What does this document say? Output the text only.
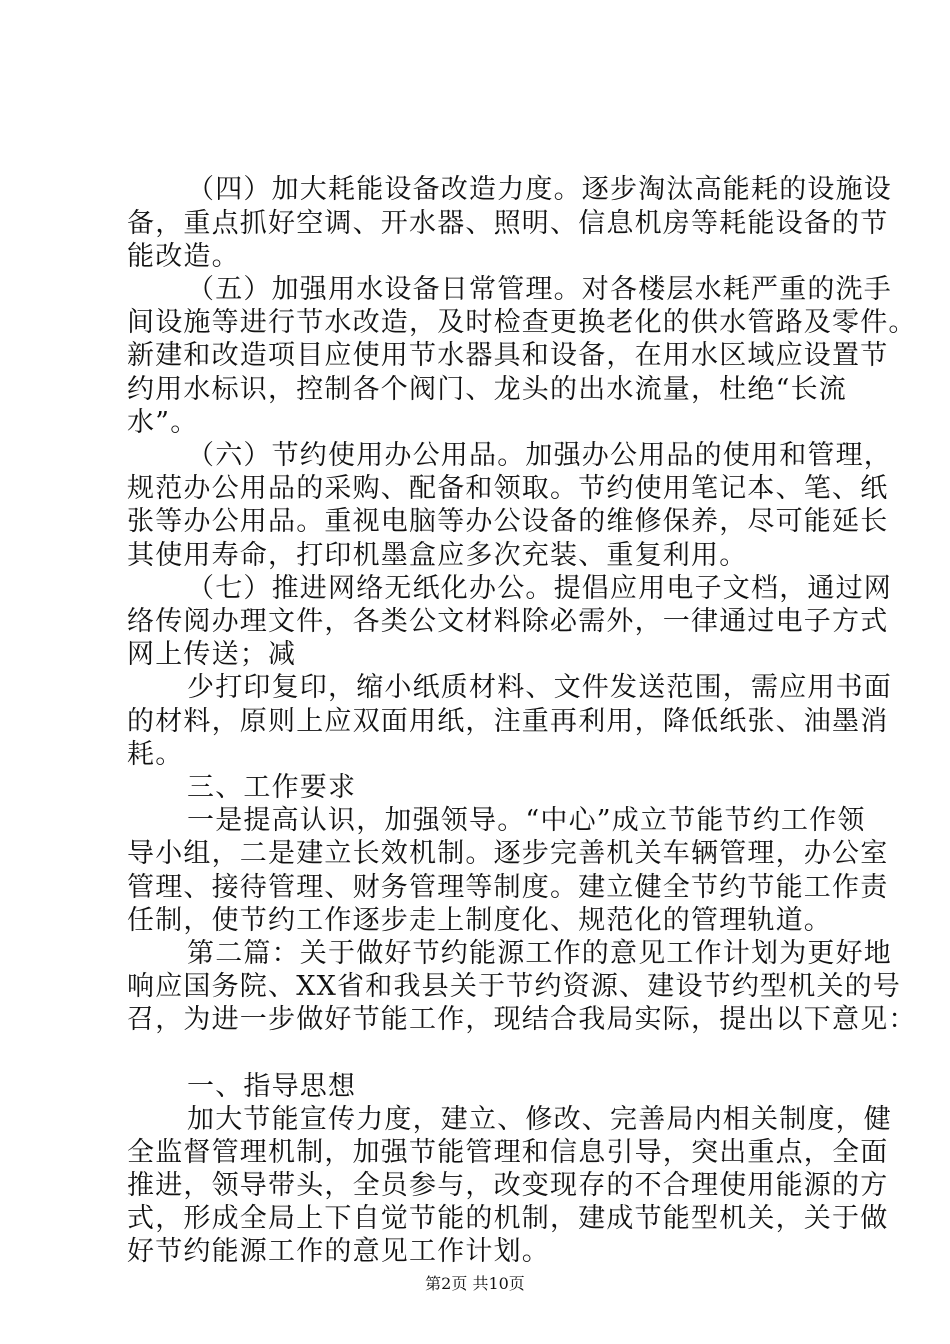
（四）加大耗能设备改造力度。逐步淘汰高能耗的设施设
备，重点抓好空调、开水器、照明、信息机房等耗能设备的节
能改造。
（五）加强用水设备日常管理。对各楼层水耗严重的洗手
间设施等进行节水改造，及时检查更换老化的供水管路及零件。
新建和改造项目应使用节水器具和设备，在用水区域应设置节
约用水标识，控制各个阀门、龙头的出水流量，杜绝“长流
水”。
（六）节约使用办公用品。加强办公用品的使用和管理，
规范办公用品的采购、配备和领取。节约使用笔记本、笔、纸
张等办公用品。重视电脑等办公设备的维修保养，尽可能延长
其使用寿命，打印机墨盒应多次充装、重复利用。
（七）推进网络无纸化办公。提倡应用电子文档，通过网
络传阅办理文件，各类公文材料除必需外，一律通过电子方式
网上传送；减
少打印复印，缩小纸质材料、文件发送范围，需应用书面
的材料，原则上应双面用纸，注重再利用，降低纸张、油墨消
耗。
三、工作要求
一是提高认识，加强领导。“中心”成立节能节约工作领
导小组，二是建立长效机制。逐步完善机关车辆管理，办公室
管理、接待管理、财务管理等制度。建立健全节约节能工作责
任制，使节约工作逐步走上制度化、规范化的管理轨道。
第二篇：关于做好节约能源工作的意见工作计划为更好地
响应国务院、XX省和我县关于节约资源、建设节约型机关的号
召，为进一步做好节能工作，现结合我局实际，提出以下意见：
一、指导思想
加大节能宣传力度，建立、修改、完善局内相关制度，健
全监督管理机制，加强节能管理和信息引导，突出重点，全面
推进，领导带头，全员参与，改变现存的不合理使用能源的方
式，形成全局上下自觉节能的机制，建成节能型机关，关于做
好节约能源工作的意见工作计划。
第2页 共10页
